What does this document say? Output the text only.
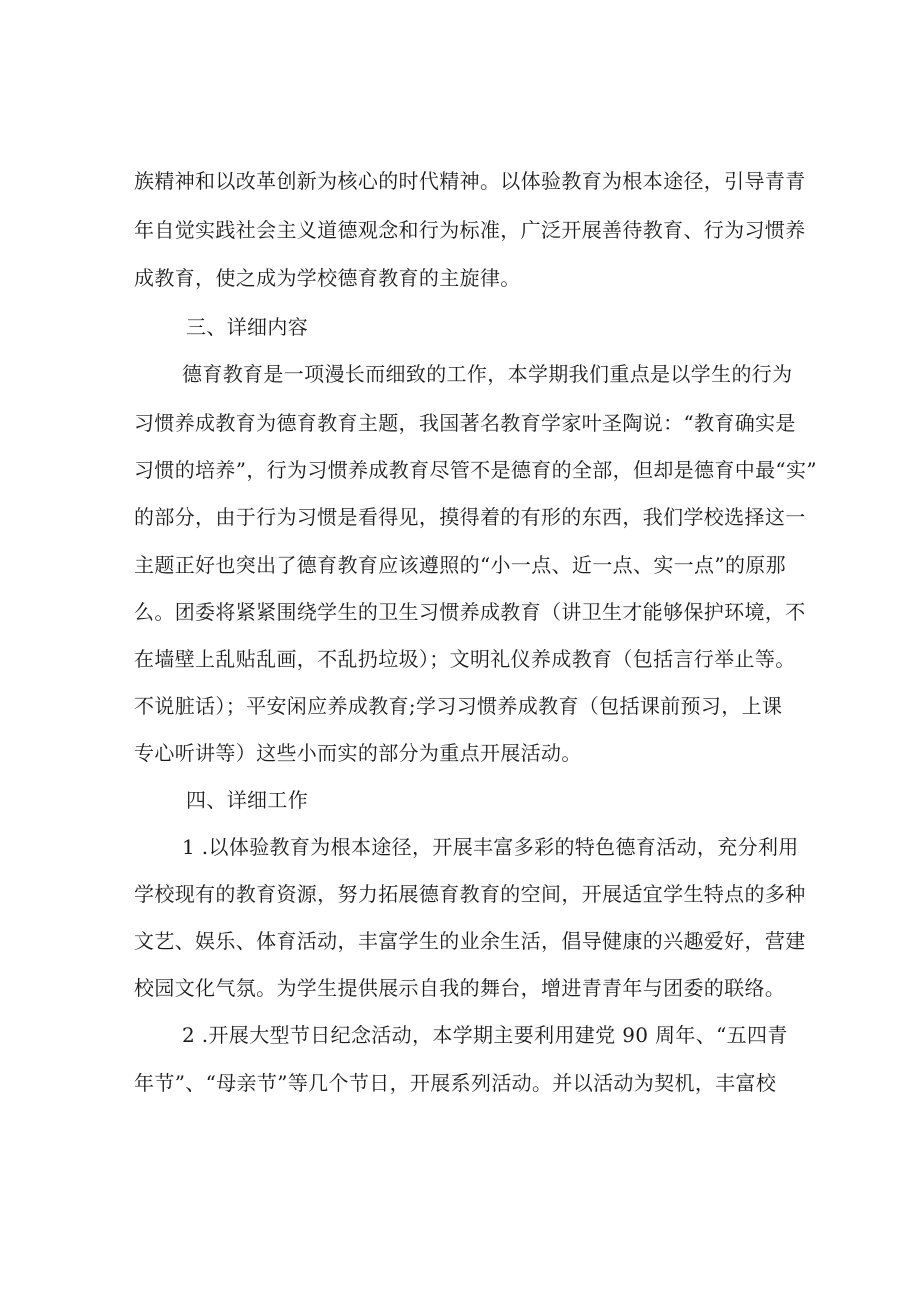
族精神和以改革创新为核心的时代精神。以体验教育为根本途径，引导青青
年自觉实践社会主义道德观念和行为标准，广泛开展善待教育、行为习惯养
成教育，使之成为学校德育教育的主旋律。
三、详细内容
德育教育是一项漫长而细致的工作，本学期我们重点是以学生的行为
习惯养成教育为德育教育主题，我国著名教育学家叶圣陶说：“教育确实是
习惯的培养”，行为习惯养成教育尽管不是德育的全部，但却是德育中最“实”
的部分，由于行为习惯是看得见，摸得着的有形的东西，我们学校选择这一
主题正好也突出了德育教育应该遵照的“小一点、近一点、实一点”的原那
么。团委将紧紧围绕学生的卫生习惯养成教育（讲卫生才能够保护环境，不
在墙壁上乱贴乱画，不乱扔垃圾）；文明礼仪养成教育（包括言行举止等。
不说脏话）；平安闲应养成教育;学习习惯养成教育（包括课前预习，上课
专心听讲等）这些小而实的部分为重点开展活动。
四、详细工作
1 .以体验教育为根本途径，开展丰富多彩的特色德育活动，充分利用
学校现有的教育资源，努力拓展德育教育的空间，开展适宜学生特点的多种
文艺、娱乐、体育活动，丰富学生的业余生活，倡导健康的兴趣爱好，营建
校园文化气氛。为学生提供展示自我的舞台，增进青青年与团委的联络。
2 .开展大型节日纪念活动，本学期主要利用建党 90 周年、“五四青
年节”、“母亲节”等几个节日，开展系列活动。并以活动为契机，丰富校
